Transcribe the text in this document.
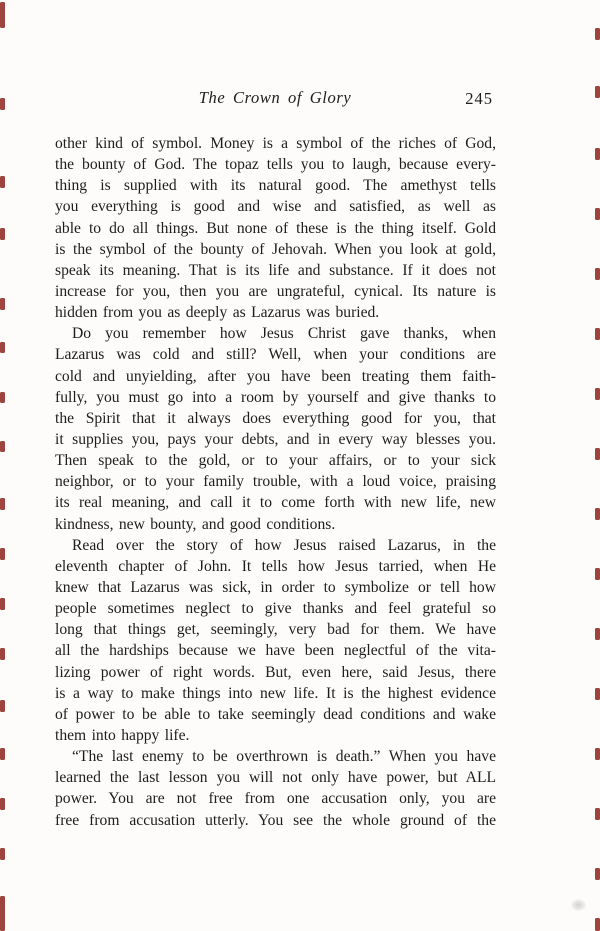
The Crown of Glory	245
other kind of symbol. Money is a symbol of the riches of God,
the bounty of God. The topaz tells you to laugh, because every-
thing is supplied with its natural good. The amethyst tells
you everything is good and wise and satisfied, as well as
able to do all things. But none of these is the thing itself. Gold
is the symbol of the bounty of Jehovah. When you look at gold,
speak its meaning. That is its life and substance. If it does not
increase for you, then you are ungrateful, cynical. Its nature is
hidden from you as deeply as Lazarus was buried.
Do you remember how Jesus Christ gave thanks, when
Lazarus was cold and still? Well, when your conditions are
cold and unyielding, after you have been treating them faith-
fully, you must go into a room by yourself and give thanks to
the Spirit that it always does everything good for you, that
it supplies you, pays your debts, and in every way blesses you.
Then speak to the gold, or to your affairs, or to your sick
neighbor, or to your family trouble, with a loud voice, praising
its real meaning, and call it to come forth with new life, new
kindness, new bounty, and good conditions.
Read over the story of how Jesus raised Lazarus, in the
eleventh chapter of John. It tells how Jesus tarried, when He
knew that Lazarus was sick, in order to symbolize or tell how
people sometimes neglect to give thanks and feel grateful so
long that things get, seemingly, very bad for them. We have
all the hardships because we have been neglectful of the vita-
lizing power of right words. But, even here, said Jesus, there
is a way to make things into new life. It is the highest evidence
of power to be able to take seemingly dead conditions and wake
them into happy life.
“The last enemy to be overthrown is death.” When you have
learned the last lesson you will not only have power, but ALL
power. You are not free from one accusation only, you are
free from accusation utterly. You see the whole ground of the
